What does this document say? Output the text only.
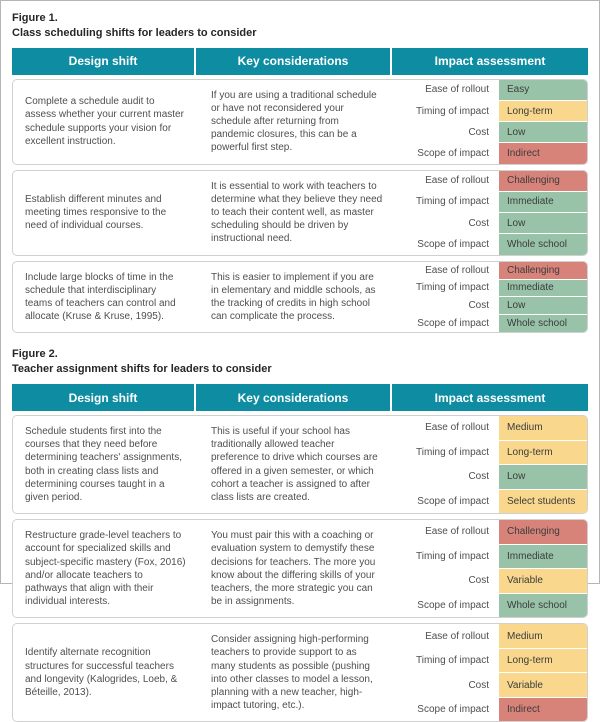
Figure 1.
Class scheduling shifts for leaders to consider
Design shift	Key considerations	Impact assessment
Complete a schedule audit to assess whether your current master schedule supports your vision for excellent instruction.
If you are using a traditional schedule or have not reconsidered your schedule after returning from pandemic closures, this can be a powerful first step.
Ease of rollout	Easy
Timing of impact	Long-term
Cost	Low
Scope of impact	Indirect
Establish different minutes and meeting times responsive to the need of individual courses.
It is essential to work with teachers to determine what they believe they need to teach their content well, as master scheduling should be driven by instructional need.
Ease of rollout	Challenging
Timing of impact	Immediate
Cost	Low
Scope of impact	Whole school
Include large blocks of time in the schedule that interdisciplinary teams of teachers can control and allocate (Kruse & Kruse, 1995).
This is easier to implement if you are in elementary and middle schools, as the tracking of credits in high school can complicate the process.
Ease of rollout	Challenging
Timing of impact	Immediate
Cost	Low
Scope of impact	Whole school
Figure 2.
Teacher assignment shifts for leaders to consider
Design shift	Key considerations	Impact assessment
Schedule students first into the courses that they need before determining teachers' assignments, both in creating class lists and determining courses taught in a given period.
This is useful if your school has traditionally allowed teacher preference to drive which courses are offered in a given semester, or which cohort a teacher is assigned to after class lists are created.
Ease of rollout	Medium
Timing of impact	Long-term
Cost	Low
Scope of impact	Select students
Restructure grade-level teachers to account for specialized skills and subject-specific mastery (Fox, 2016) and/or allocate teachers to pathways that align with their individual interests.
You must pair this with a coaching or evaluation system to demystify these decisions for teachers. The more you know about the differing skills of your teachers, the more strategic you can be in assignments.
Ease of rollout	Challenging
Timing of impact	Immediate
Cost	Variable
Scope of impact	Whole school
Identify alternate recognition structures for successful teachers and longevity (Kalogrides, Loeb, & Béteille, 2013).
Consider assigning high-performing teachers to provide support to as many students as possible (pushing into other classes to model a lesson, planning with a new teacher, high-impact tutoring, etc.).
Ease of rollout	Medium
Timing of impact	Long-term
Cost	Variable
Scope of impact	Indirect
